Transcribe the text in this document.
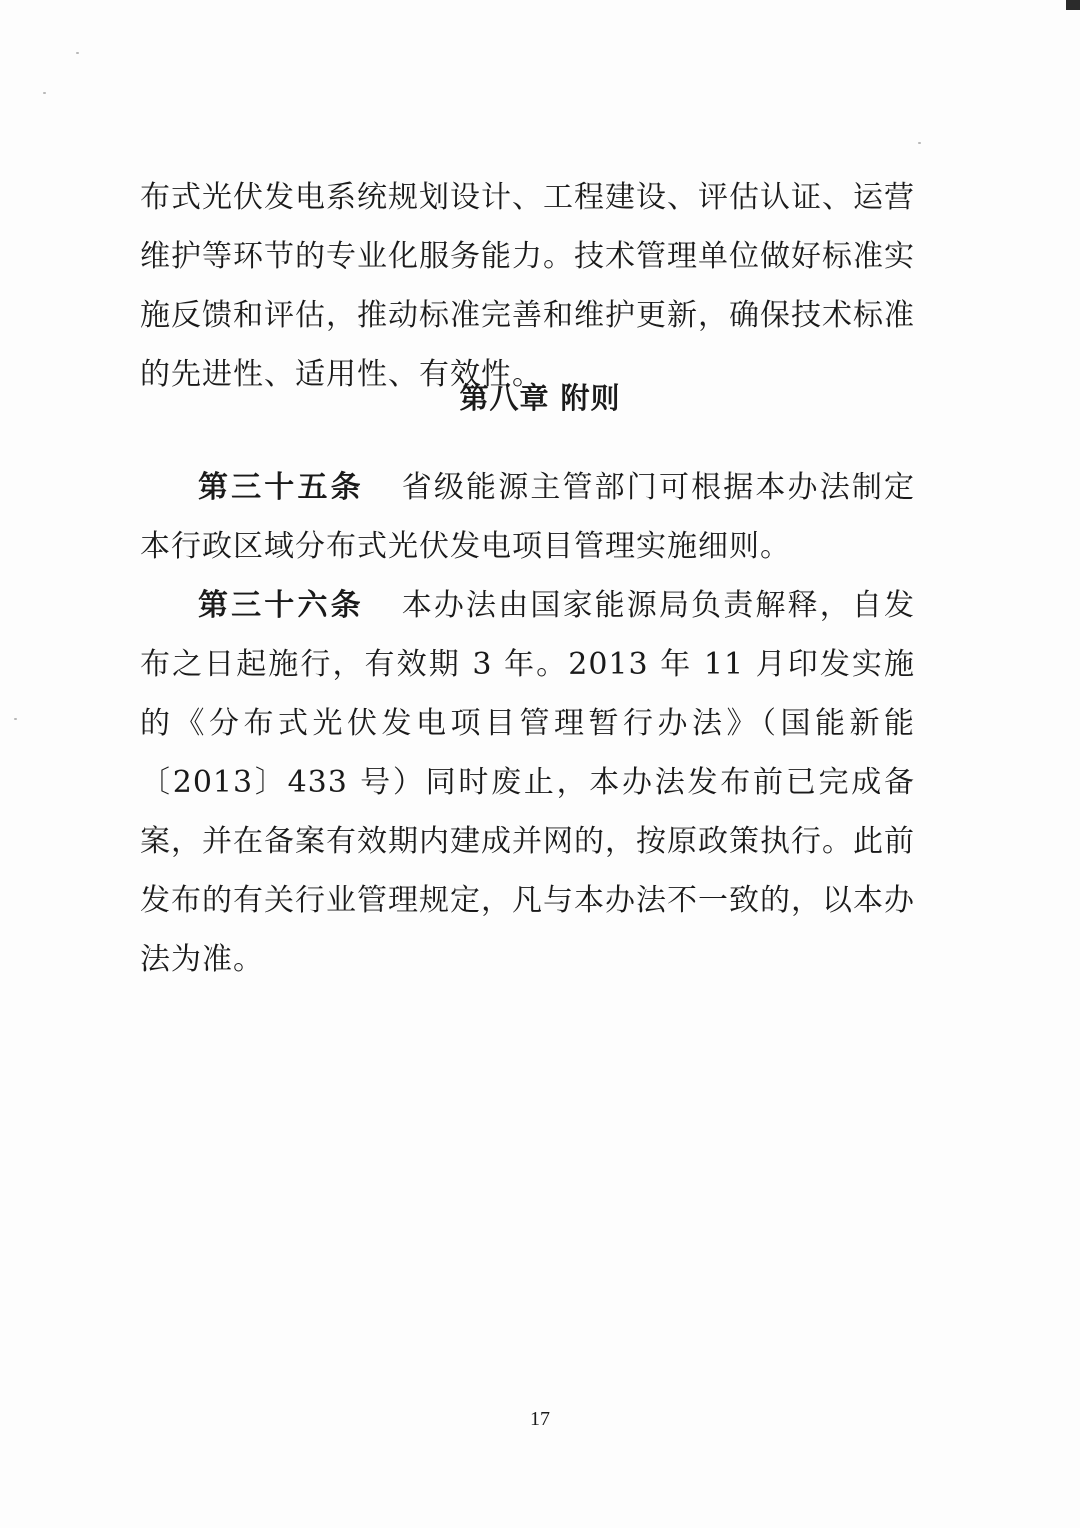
布式光伏发电系统规划设计、工程建设、评估认证、运营维护等环节的专业化服务能力。技术管理单位做好标准实施反馈和评估，推动标准完善和维护更新，确保技术标准的先进性、适用性、有效性。

第八章 附则

第三十五条 省级能源主管部门可根据本办法制定本行政区域分布式光伏发电项目管理实施细则。

第三十六条 本办法由国家能源局负责解释，自发布之日起施行，有效期 3 年。2013 年 11 月印发实施的《分布式光伏发电项目管理暂行办法》（国能新能〔2013〕433 号）同时废止，本办法发布前已完成备案，并在备案有效期内建成并网的，按原政策执行。此前发布的有关行业管理规定，凡与本办法不一致的，以本办法为准。

17
